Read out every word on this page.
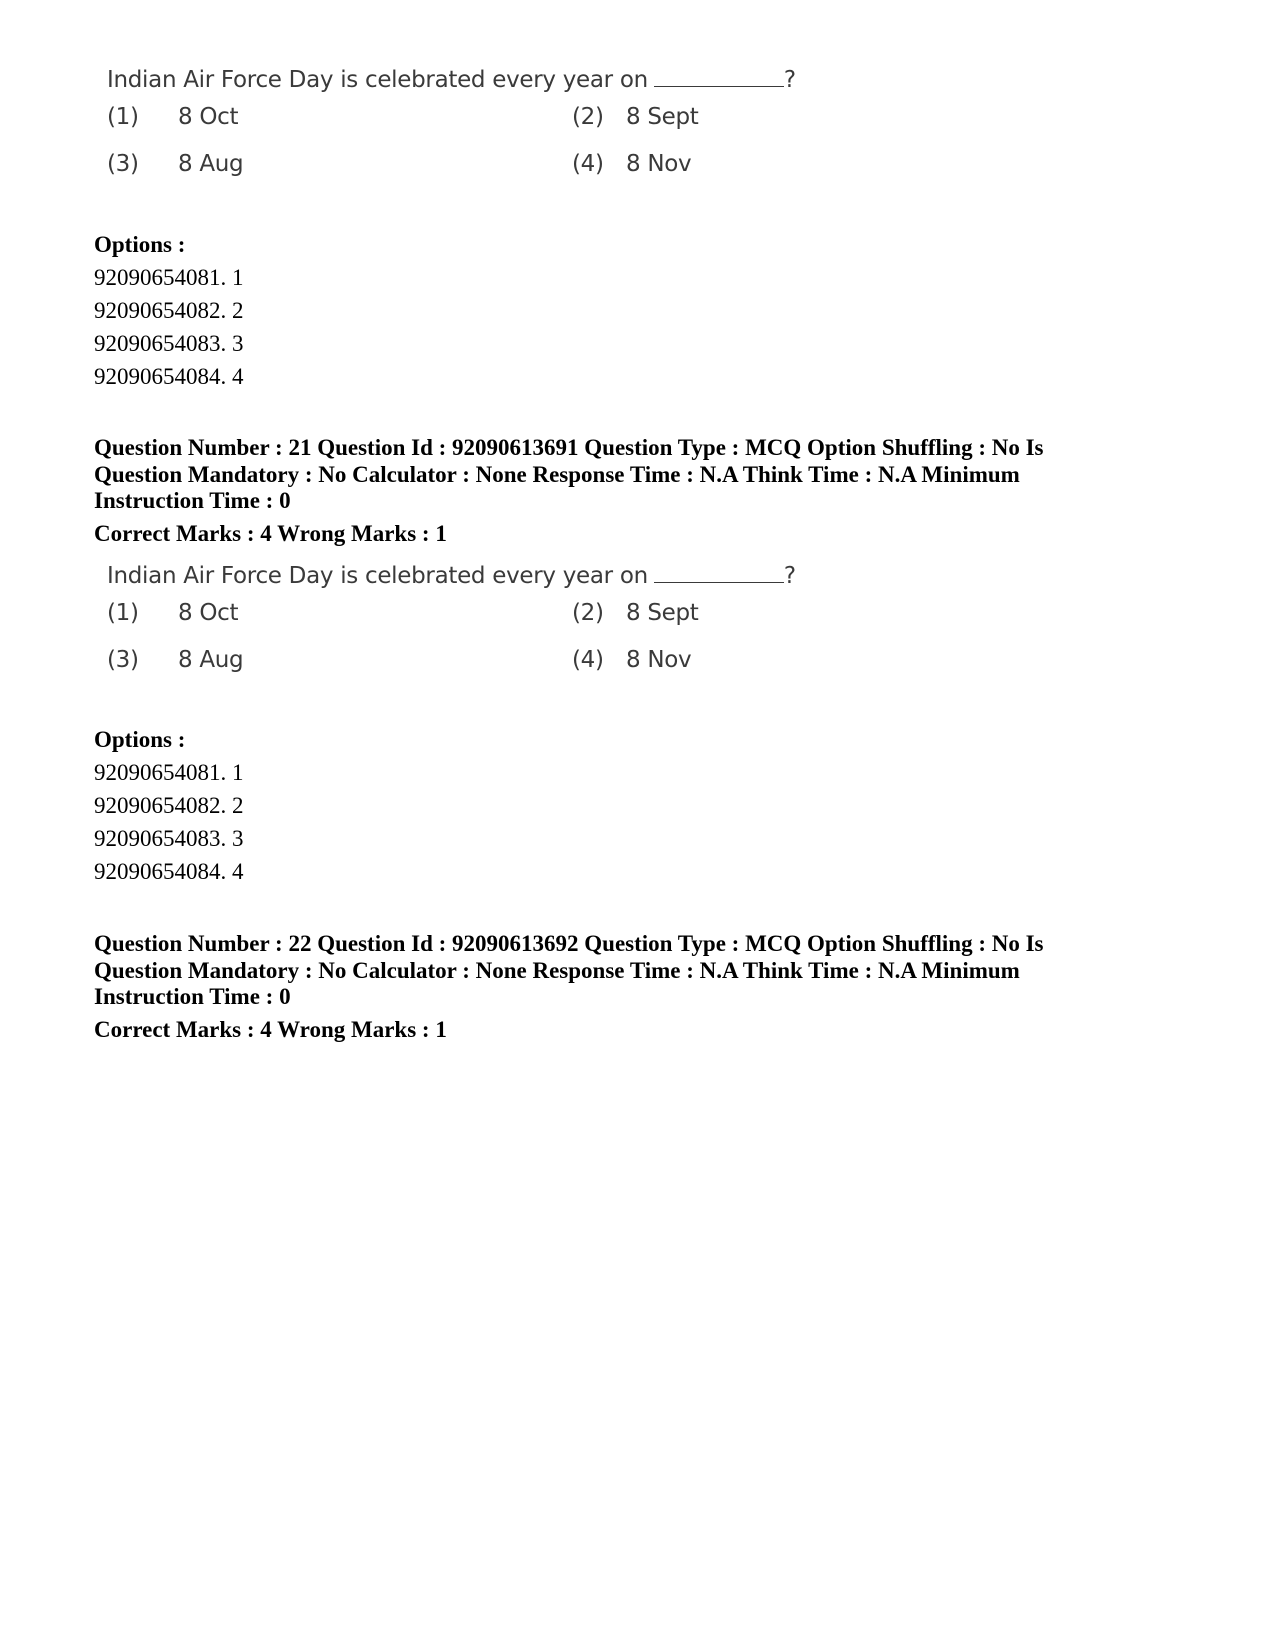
Indian Air Force Day is celebrated every year on	?
(1) 8 Oct	(2) 8 Sept
(3) 8 Aug	(4) 8 Nov
Options :
92090654081. 1
92090654082. 2
92090654083. 3
92090654084. 4
Question Number : 21 Question Id : 92090613691 Question Type : MCQ Option Shuffling : No Is
Question Mandatory : No Calculator : None Response Time : N.A Think Time : N.A Minimum
Instruction Time : 0
Correct Marks : 4 Wrong Marks : 1
Indian Air Force Day is celebrated every year on	?
(1) 8 Oct	(2) 8 Sept
(3) 8 Aug	(4) 8 Nov
Options :
92090654081. 1
92090654082. 2
92090654083. 3
92090654084. 4
Question Number : 22 Question Id : 92090613692 Question Type : MCQ Option Shuffling : No Is
Question Mandatory : No Calculator : None Response Time : N.A Think Time : N.A Minimum
Instruction Time : 0
Correct Marks : 4 Wrong Marks : 1
